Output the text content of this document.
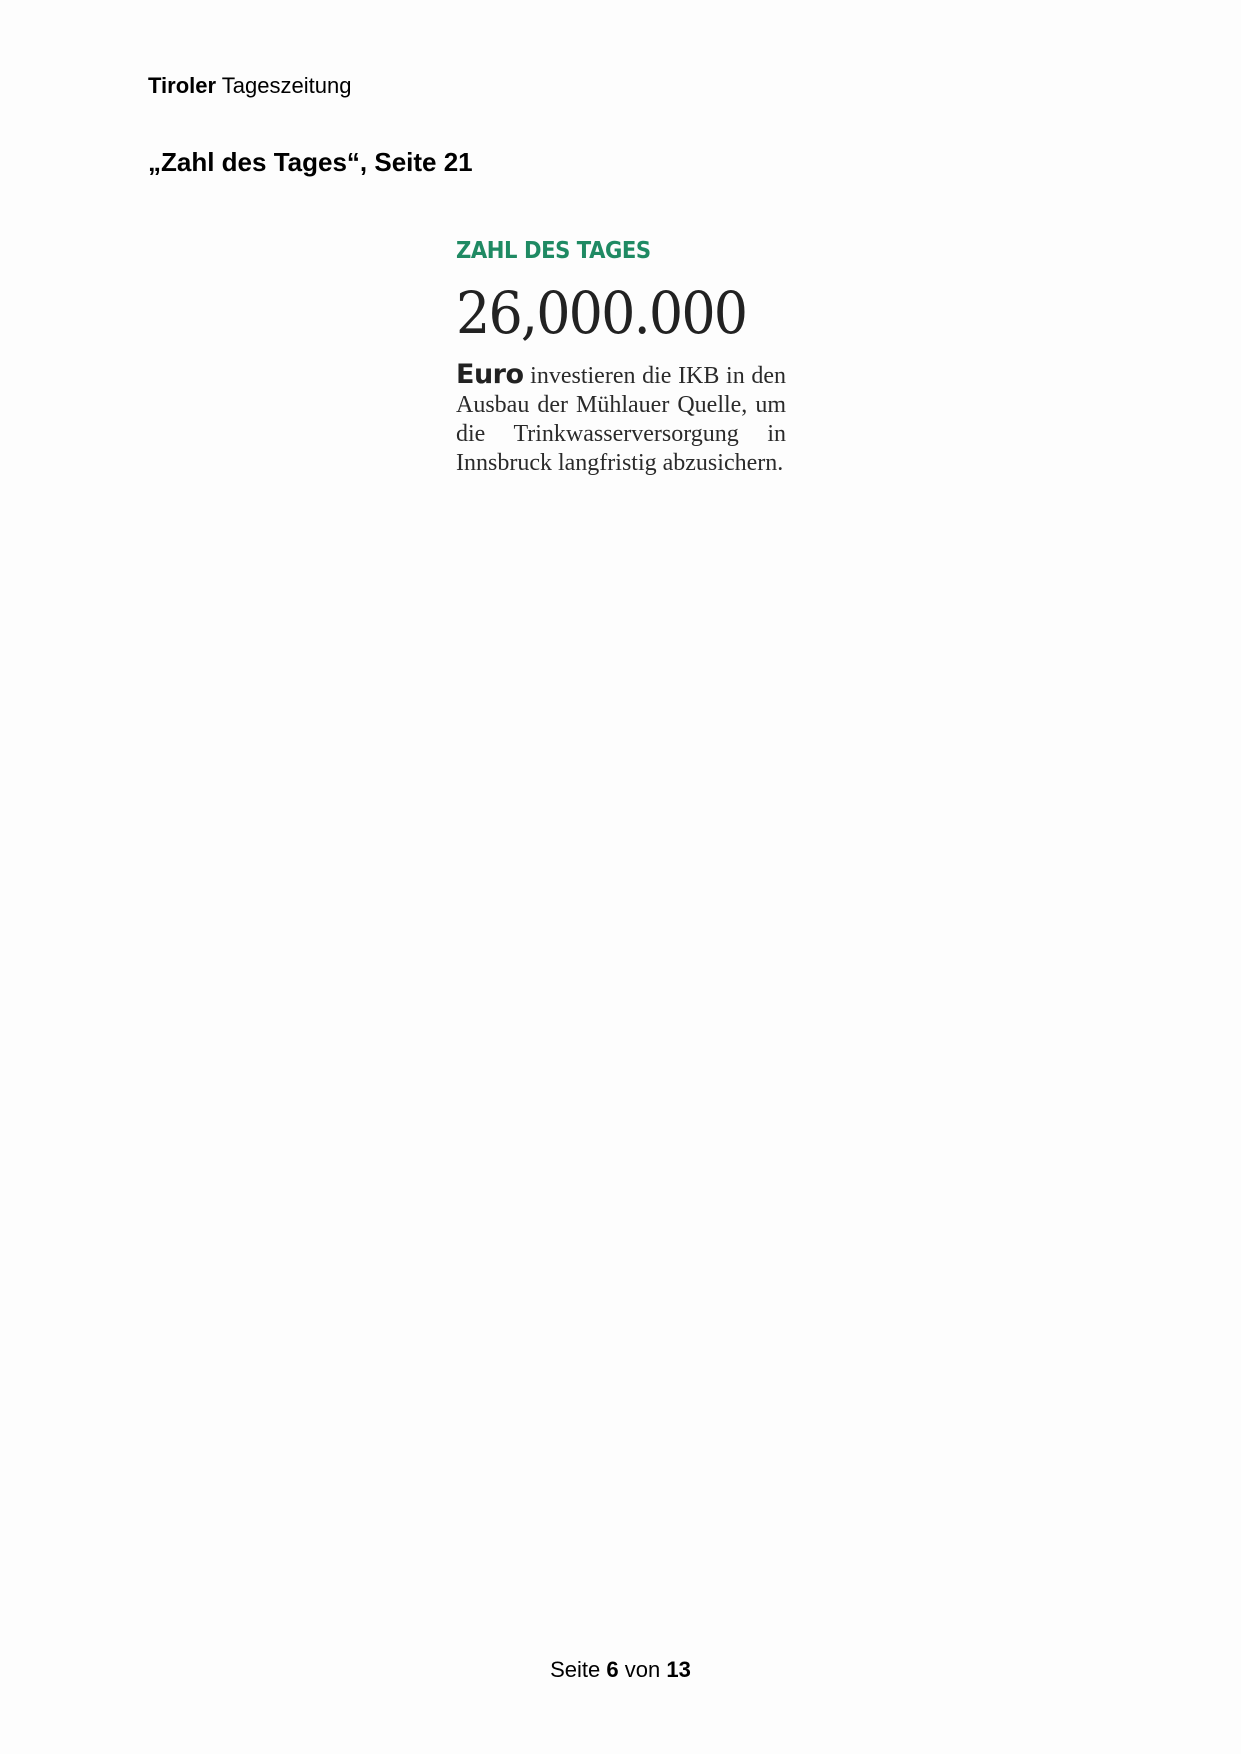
Tiroler Tageszeitung
„Zahl des Tages“, Seite 21
ZAHL DES TAGES
26,000.000
Euro investieren die IKB in den Ausbau der Mühlauer Quelle, um die Trinkwasserversorgung in Innsbruck langfristig abzusichern.
Seite 6 von 13
